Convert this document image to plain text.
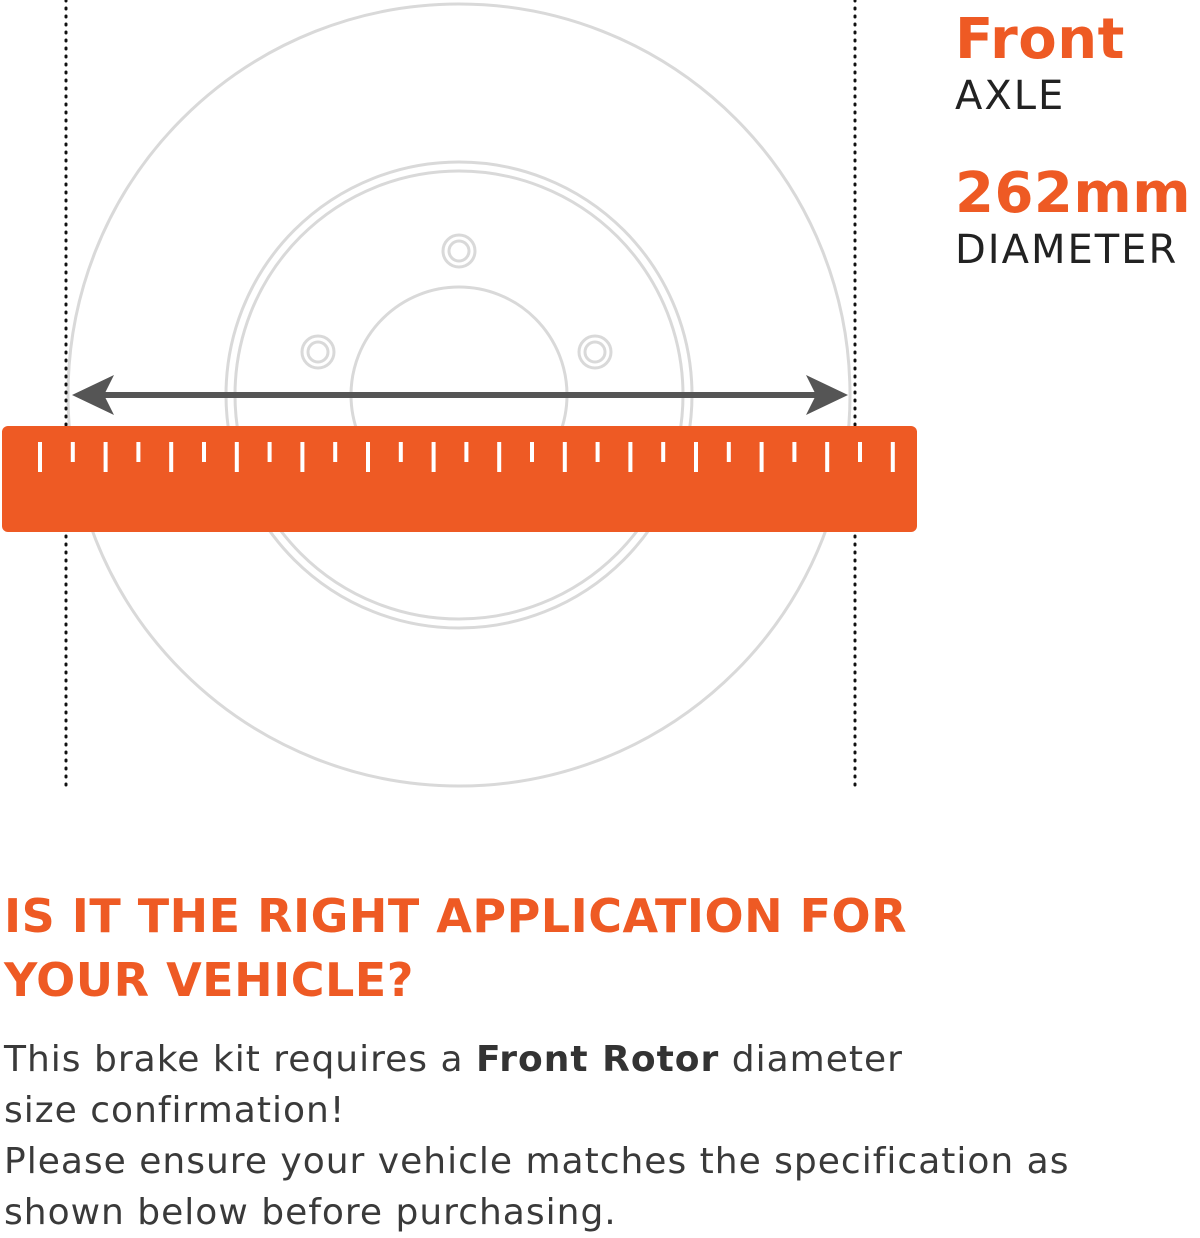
Front
AXLE
262mm
DIAMETER
IS IT THE RIGHT APPLICATION FOR
YOUR VEHICLE?

This brake kit requires a Front Rotor diameter
size confirmation!
Please ensure your vehicle matches the specification as
shown below before purchasing.
